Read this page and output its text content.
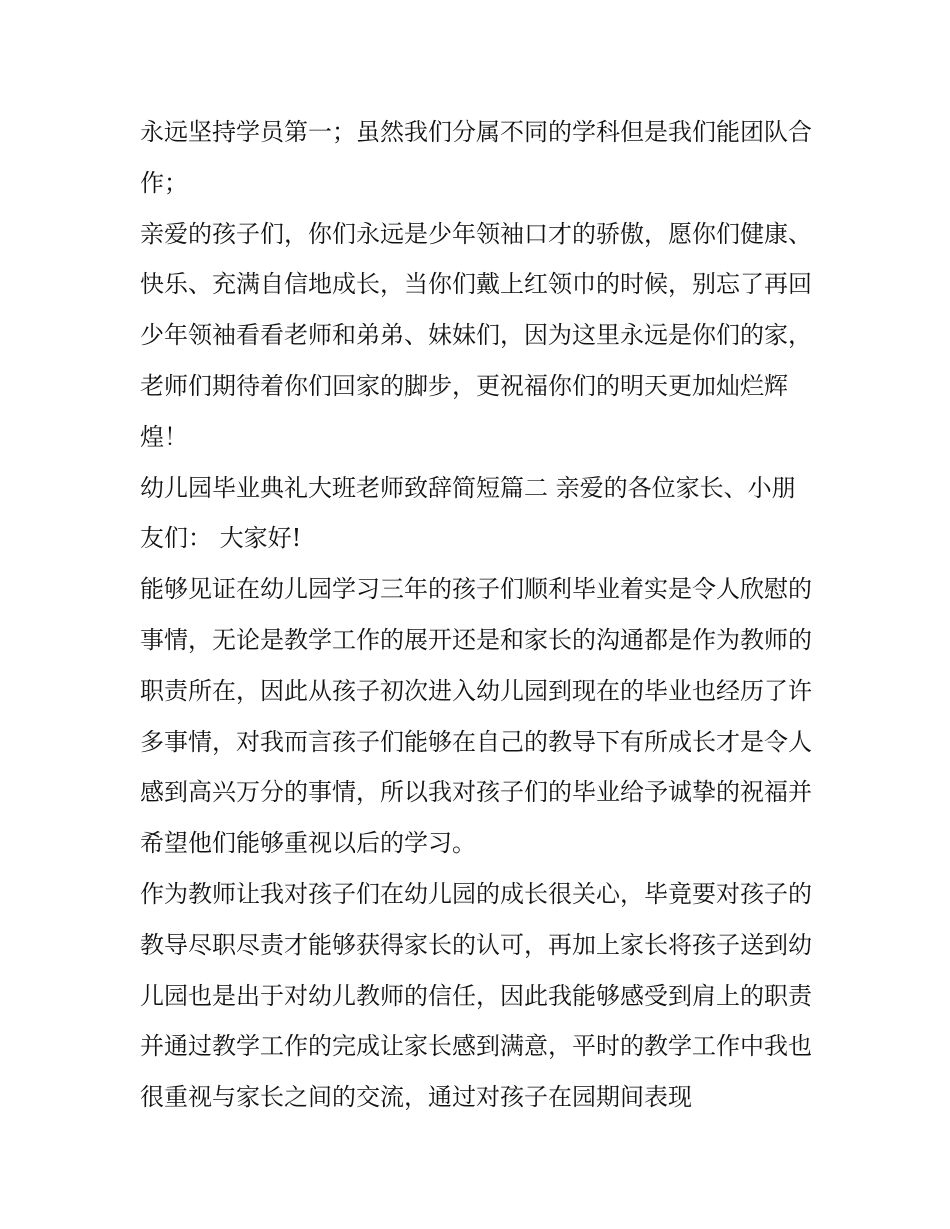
永远坚持学员第一；虽然我们分属不同的学科但是我们能团队合作；

亲爱的孩子们，你们永远是少年领袖口才的骄傲，愿你们健康、快乐、充满自信地成长，当你们戴上红领巾的时候，别忘了再回少年领袖看看老师和弟弟、妹妹们，因为这里永远是你们的家，老师们期待着你们回家的脚步，更祝福你们的明天更加灿烂辉煌！

幼儿园毕业典礼大班老师致辞简短篇二 亲爱的各位家长、小朋友们： 大家好!

能够见证在幼儿园学习三年的孩子们顺利毕业着实是令人欣慰的事情，无论是教学工作的展开还是和家长的沟通都是作为教师的职责所在，因此从孩子初次进入幼儿园到现在的毕业也经历了许多事情，对我而言孩子们能够在自己的教导下有所成长才是令人感到高兴万分的事情，所以我对孩子们的毕业给予诚挚的祝福并希望他们能够重视以后的学习。

作为教师让我对孩子们在幼儿园的成长很关心，毕竟要对孩子的教导尽职尽责才能够获得家长的认可，再加上家长将孩子送到幼儿园也是出于对幼儿教师的信任，因此我能够感受到肩上的职责并通过教学工作的完成让家长感到满意，平时的教学工作中我也很重视与家长之间的交流，通过对孩子在园期间表现
